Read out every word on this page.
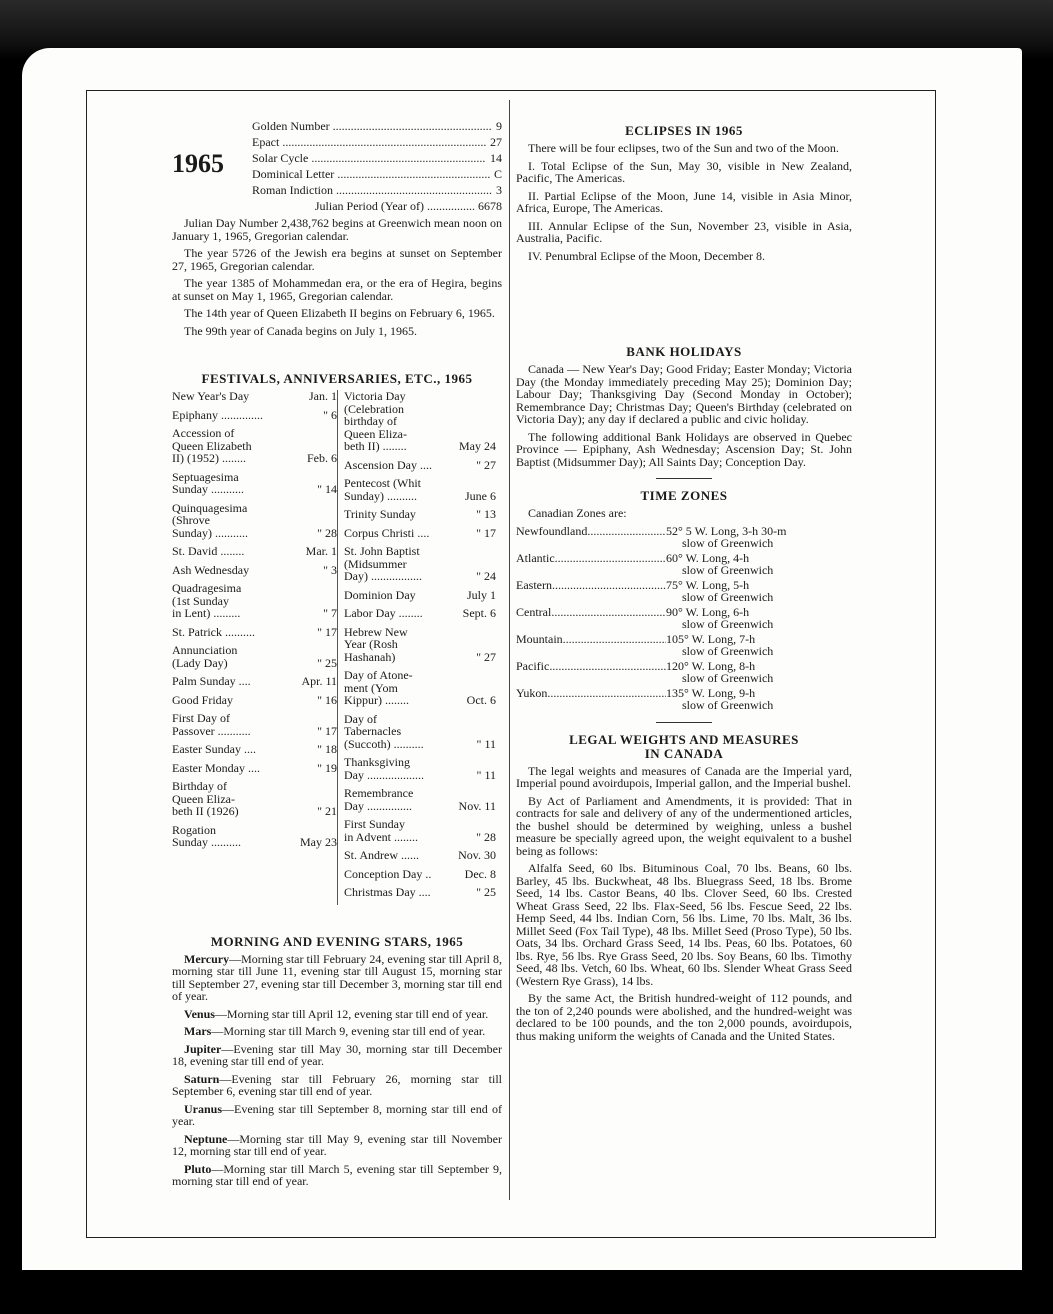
1965
Golden Number .....	9
Epact .....	27
Solar Cycle .....	14
Dominical Letter .....	C
Roman Indiction .....	3
Julian Period (Year of) ................ 6678

Julian Day Number 2,438,762 begins at Greenwich mean noon on January 1, 1965, Gregorian calendar.

The year 5726 of the Jewish era begins at sunset on September 27, 1965, Gregorian calendar.

The year 1385 of Mohammedan era, or the era of Hegira, begins at sunset on May 1, 1965, Gregorian calendar.

The 14th year of Queen Elizabeth II begins on February 6, 1965.

The 99th year of Canada begins on July 1, 1965.

FESTIVALS, ANNIVERSARIES, ETC., 1965
New Year's Day	Jan. 1
Epiphany ..............	" 6
Accession of
Queen Elizabeth
II) (1952) ........	Feb. 6
Septuagesima
Sunday ...........	" 14
Quinquagesima
(Shrove
Sunday) ...........	" 28
St. David ........	Mar. 1
Ash Wednesday	" 3
Quadragesima
(1st Sunday
in Lent) .........	" 7
St. Patrick ..........	" 17
Annunciation
(Lady Day)	" 25
Palm Sunday ....	Apr. 11
Good Friday	" 16
First Day of
Passover ...........	" 17
Easter Sunday ....	" 18
Easter Monday ....	" 19
Birthday of
Queen Eliza-
beth II (1926)	" 21
Rogation
Sunday ..........	May 23
Victoria Day
(Celebration
birthday of
Queen Eliza-
beth II) ........	May 24
Ascension Day ....	" 27
Pentecost (Whit
Sunday) ..........	June 6
Trinity Sunday	" 13
Corpus Christi ....	" 17
St. John Baptist
(Midsummer
Day) .................	" 24
Dominion Day	July 1
Labor Day ........	Sept. 6
Hebrew New
Year (Rosh
Hashanah)	" 27
Day of Atone-
ment (Yom
Kippur) ........	Oct. 6
Day of
Tabernacles
(Succoth) ..........	" 11
Thanksgiving
Day ...................	" 11
Remembrance
Day ...............	Nov. 11
First Sunday
in Advent ........	" 28
St. Andrew ......	Nov. 30
Conception Day ..	Dec. 8
Christmas Day ....	" 25
MORNING AND EVENING STARS, 1965

Mercury—Morning star till February 24, evening star till April 8, morning star till June 11, evening star till August 15, morning star till September 27, evening star till December 3, morning star till end of year.

Venus—Morning star till April 12, evening star till end of year.

Mars—Morning star till March 9, evening star till end of year.

Jupiter—Evening star till May 30, morning star till December 18, evening star till end of year.

Saturn—Evening star till February 26, morning star till September 6, evening star till end of year.

Uranus—Evening star till September 8, morning star till end of year.

Neptune—Morning star till May 9, evening star till November 12, morning star till end of year.

Pluto—Morning star till March 5, evening star till September 9, morning star till end of year.

ECLIPSES IN 1965

There will be four eclipses, two of the Sun and two of the Moon.

I. Total Eclipse of the Sun, May 30, visible in New Zealand, Pacific, The Americas.

II. Partial Eclipse of the Moon, June 14, visible in Asia Minor, Africa, Europe, The Americas.

III. Annular Eclipse of the Sun, November 23, visible in Asia, Australia, Pacific.

IV. Penumbral Eclipse of the Moon, December 8.

BANK HOLIDAYS

Canada — New Year's Day; Good Friday; Easter Monday; Victoria Day (the Monday immediately preceding May 25); Dominion Day; Labour Day; Thanksgiving Day (Second Monday in October); Remembrance Day; Christmas Day; Queen's Birthday (celebrated on Victoria Day); any day if declared a public and civic holiday.

The following additional Bank Holidays are observed in Quebec Province — Epiphany, Ash Wednesday; Ascension Day; St. John Baptist (Midsummer Day); All Saints Day; Conception Day.

TIME ZONES

Canadian Zones are:

Newfoundland .....	52° 5 W. Long, 3-h 30-m
slow of Greenwich
Atlantic .....	60° W. Long, 4-h
slow of Greenwich
Eastern .....	75° W. Long, 5-h
slow of Greenwich
Central .....	90° W. Long, 6-h
slow of Greenwich
Mountain .....	105° W. Long, 7-h
slow of Greenwich
Pacific .....	120° W. Long, 8-h
slow of Greenwich
Yukon .....	135° W. Long, 9-h
slow of Greenwich
LEGAL WEIGHTS AND MEASURES
IN CANADA

The legal weights and measures of Canada are the Imperial yard, Imperial pound avoirdupois, Imperial gallon, and the Imperial bushel.

By Act of Parliament and Amendments, it is provided: That in contracts for sale and delivery of any of the undermentioned articles, the bushel should be determined by weighing, unless a bushel measure be specially agreed upon, the weight equivalent to a bushel being as follows:

Alfalfa Seed, 60 lbs. Bituminous Coal, 70 lbs. Beans, 60 lbs. Barley, 45 lbs. Buckwheat, 48 lbs. Bluegrass Seed, 18 lbs. Brome Seed, 14 lbs. Castor Beans, 40 lbs. Clover Seed, 60 lbs. Crested Wheat Grass Seed, 22 lbs. Flax-Seed, 56 lbs. Fescue Seed, 22 lbs. Hemp Seed, 44 lbs. Indian Corn, 56 lbs. Lime, 70 lbs. Malt, 36 lbs. Millet Seed (Fox Tail Type), 48 lbs. Millet Seed (Proso Type), 50 lbs. Oats, 34 lbs. Orchard Grass Seed, 14 lbs. Peas, 60 lbs. Potatoes, 60 lbs. Rye, 56 lbs. Rye Grass Seed, 20 lbs. Soy Beans, 60 lbs. Timothy Seed, 48 lbs. Vetch, 60 lbs. Wheat, 60 lbs. Slender Wheat Grass Seed (Western Rye Grass), 14 lbs.

By the same Act, the British hundred-weight of 112 pounds, and the ton of 2,240 pounds were abolished, and the hundred-weight was declared to be 100 pounds, and the ton 2,000 pounds, avoirdupois, thus making uniform the weights of Canada and the United States.
